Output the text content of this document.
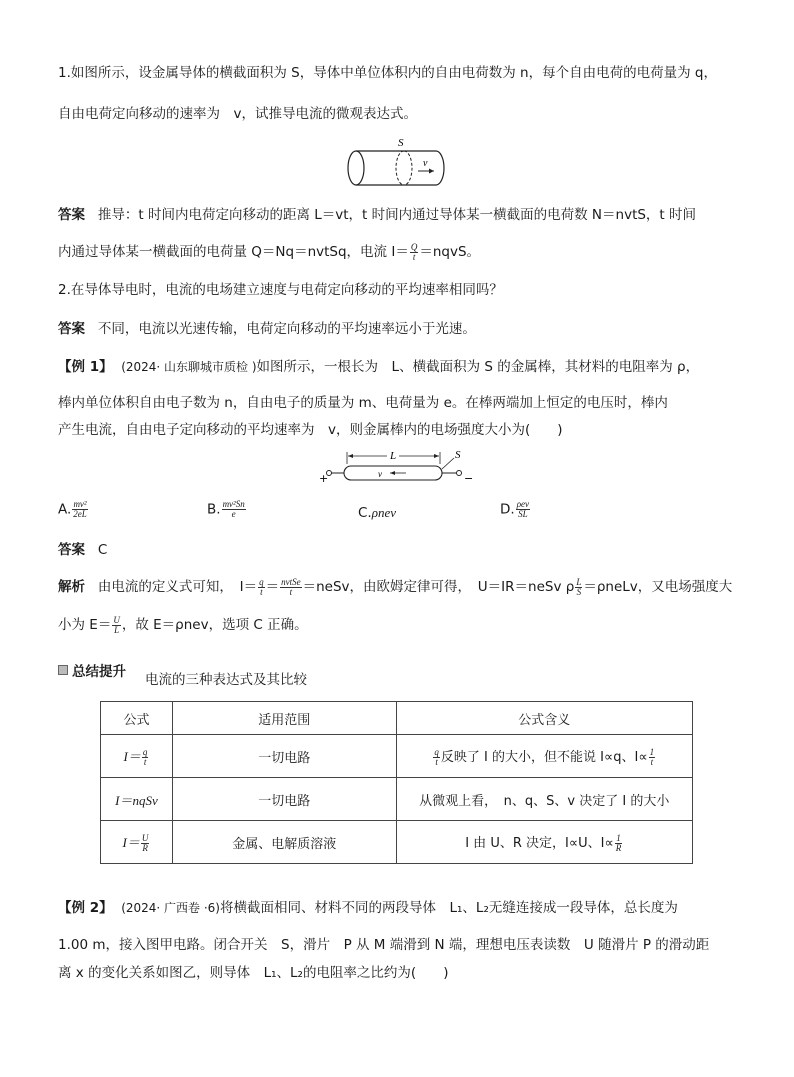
1.如图所示，设金属导体的横截面积为 S，导体中单位体积内的自由电荷数为 n，每个自由电荷的电荷量为 q，
自由电荷定向移动的速率为　v，试推导电流的微观表达式。
S
v
答案 推导：t 时间内电荷定向移动的距离 L＝vt，t 时间内通过导体某一横截面的电荷数 N＝nvtS，t 时间
内通过导体某一横截面的电荷量 Q＝Nq＝nvtSq，电流 $I= \frac{Q}{t}$ ＝nqvS。
2.在导体导电时，电流的电场建立速度与电荷定向移动的平均速率相同吗？
答案 不同，电流以光速传输，电荷定向移动的平均速率远小于光速。
【例 1】 (2024· 山东聊城市质检 )如图所示，一根长为　L、横截面积为 S 的金属棒，其材料的电阻率为 ρ，
棒内单位体积自由电子数为 n，自由电子的质量为 m、电荷量为 e。在棒两端加上恒定的电压时，棒内
产生电流，自由电子定向移动的平均速率为　v，则金属棒内的电场强度大小为(　　)
+	−
L
v
S
A. $\frac{\text{mv²}}{2eL}$	B. $\frac{\text{mv²Sn}}{e}$	C.ρnev	D. $\frac{\text{ρev}}{SL}$
答案 C
解析 由电流的定义式可知，　$I= \frac{q}{t} = \frac{\text{nvtSe}}{t}$ ＝neSv，由欧姆定律可得，　U＝IR＝neSv ρ $\frac{L}{S}$ ＝ρneLv，又电场强度大
小为 $E= \frac{U}{L}$ ，故 E＝ρnev，选项 C 正确。
总结提升 电流的三种表达式及其比较
公式	适用范围	公式含义
$I= \frac{q}{t}$	一切电路	$\frac{q}{t}$ 反映了 I 的大小，但不能说 I∝q、$I\propto \frac{1}{t}$

I＝nqSv	一切电路	从微观上看，　n、q、S、v 决定了 I 的大小
$I= \frac{U}{R}$	金属、电解质溶液	I 由 U、R 决定，I∝U、$I\propto \frac{1}{R}$
【例 2】 (2024· 广西卷 ·6)将横截面相同、材料不同的两段导体　L₁、L₂无缝连接成一段导体，总长度为
1.00 m，接入图甲电路。闭合开关　S，滑片　P 从 M 端滑到 N 端，理想电压表读数　U 随滑片 P 的滑动距
离 x 的变化关系如图乙，则导体　L₁、L₂的电阻率之比约为(　　)
